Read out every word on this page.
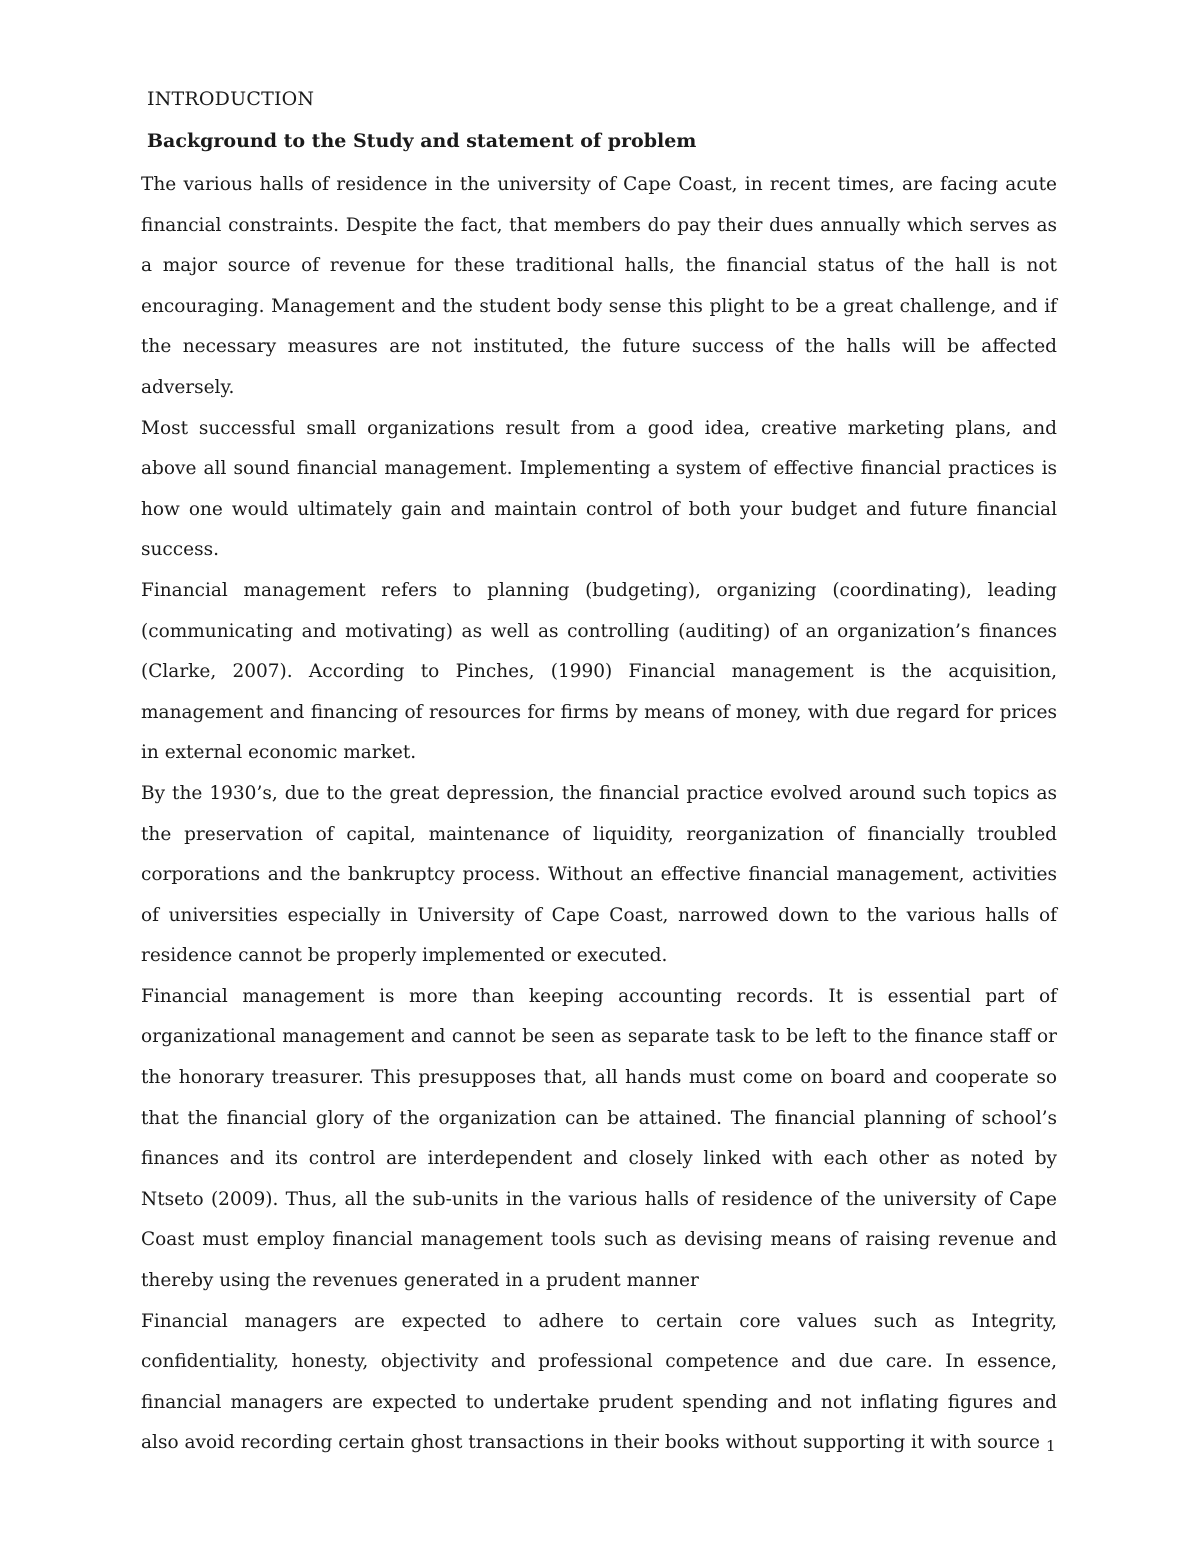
INTRODUCTION
Background to the Study and statement of problem

The various halls of residence in the university of Cape Coast, in recent times, are facing acute financial constraints. Despite the fact, that members do pay their dues annually which serves as a major source of revenue for these traditional halls, the financial status of the hall is not encouraging. Management and the student body sense this plight to be a great challenge, and if the necessary measures are not instituted, the future success of the halls will be affected adversely.

Most successful small organizations result from a good idea, creative marketing plans, and above all sound financial management. Implementing a system of effective financial practices is how one would ultimately gain and maintain control of both your budget and future financial success.

Financial management refers to planning (budgeting), organizing (coordinating), leading (communicating and motivating) as well as controlling (auditing) of an organization’s finances (Clarke, 2007). According to Pinches, (1990) Financial management is the acquisition, management and financing of resources for firms by means of money, with due regard for prices in external economic market.

By the 1930’s, due to the great depression, the financial practice evolved around such topics as the preservation of capital, maintenance of liquidity, reorganization of financially troubled corporations and the bankruptcy process. Without an effective financial management, activities of universities especially in University of Cape Coast, narrowed down to the various halls of residence cannot be properly implemented or executed.

Financial management is more than keeping accounting records. It is essential part of organizational management and cannot be seen as separate task to be left to the finance staff or the honorary treasurer. This presupposes that, all hands must come on board and cooperate so that the financial glory of the organization can be attained. The financial planning of school’s finances and its control are interdependent and closely linked with each other as noted by Ntseto (2009). Thus, all the sub-units in the various halls of residence of the university of Cape Coast must employ financial management tools such as devising means of raising revenue and thereby using the revenues generated in a prudent manner

Financial managers are expected to adhere to certain core values such as Integrity, confidentiality, honesty, objectivity and professional competence and due care. In essence, financial managers are expected to undertake prudent spending and not inflating figures and also avoid recording certain ghost transactions in their books without supporting it with source 1
